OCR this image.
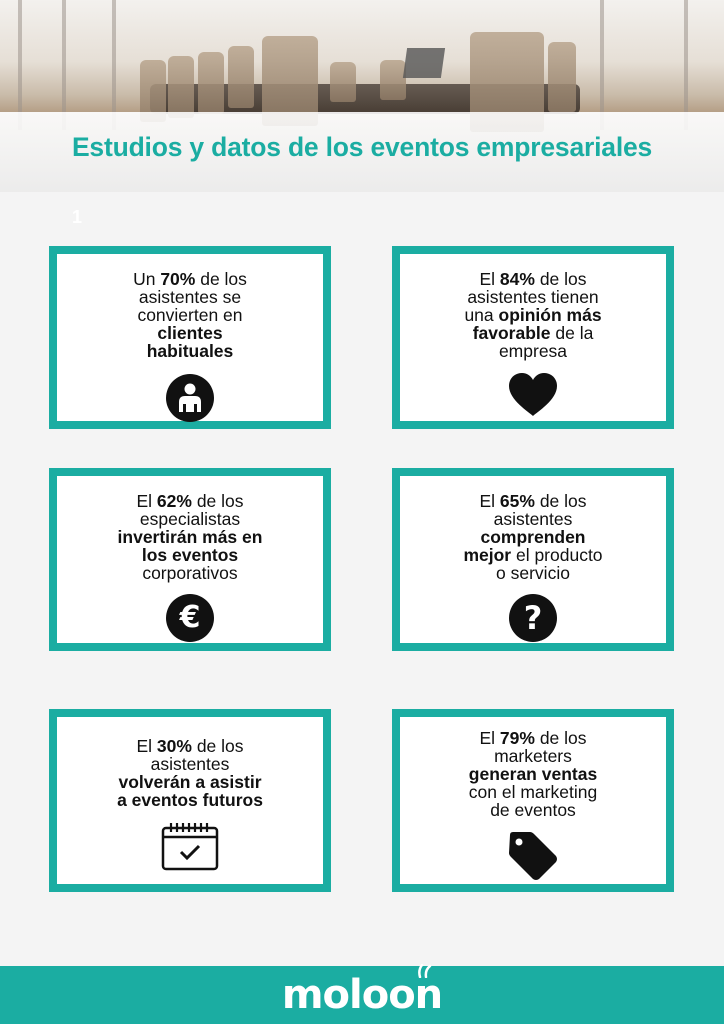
Estudios y datos de los eventos empresariales
1
Un 70% de los
asistentes se
convierten en
clientes
habituales
El 84% de los
asistentes tienen
una opinión más
favorable de la
empresa
El 62% de los
especialistas
invertirán más en
los eventos
corporativos
€
El 65% de los
asistentes
comprenden
mejor el producto
o servicio
?
El 30% de los
asistentes
volverán a asistir
a eventos futuros
El 79% de los
marketers
generan ventas
con el marketing
de eventos
moloon
